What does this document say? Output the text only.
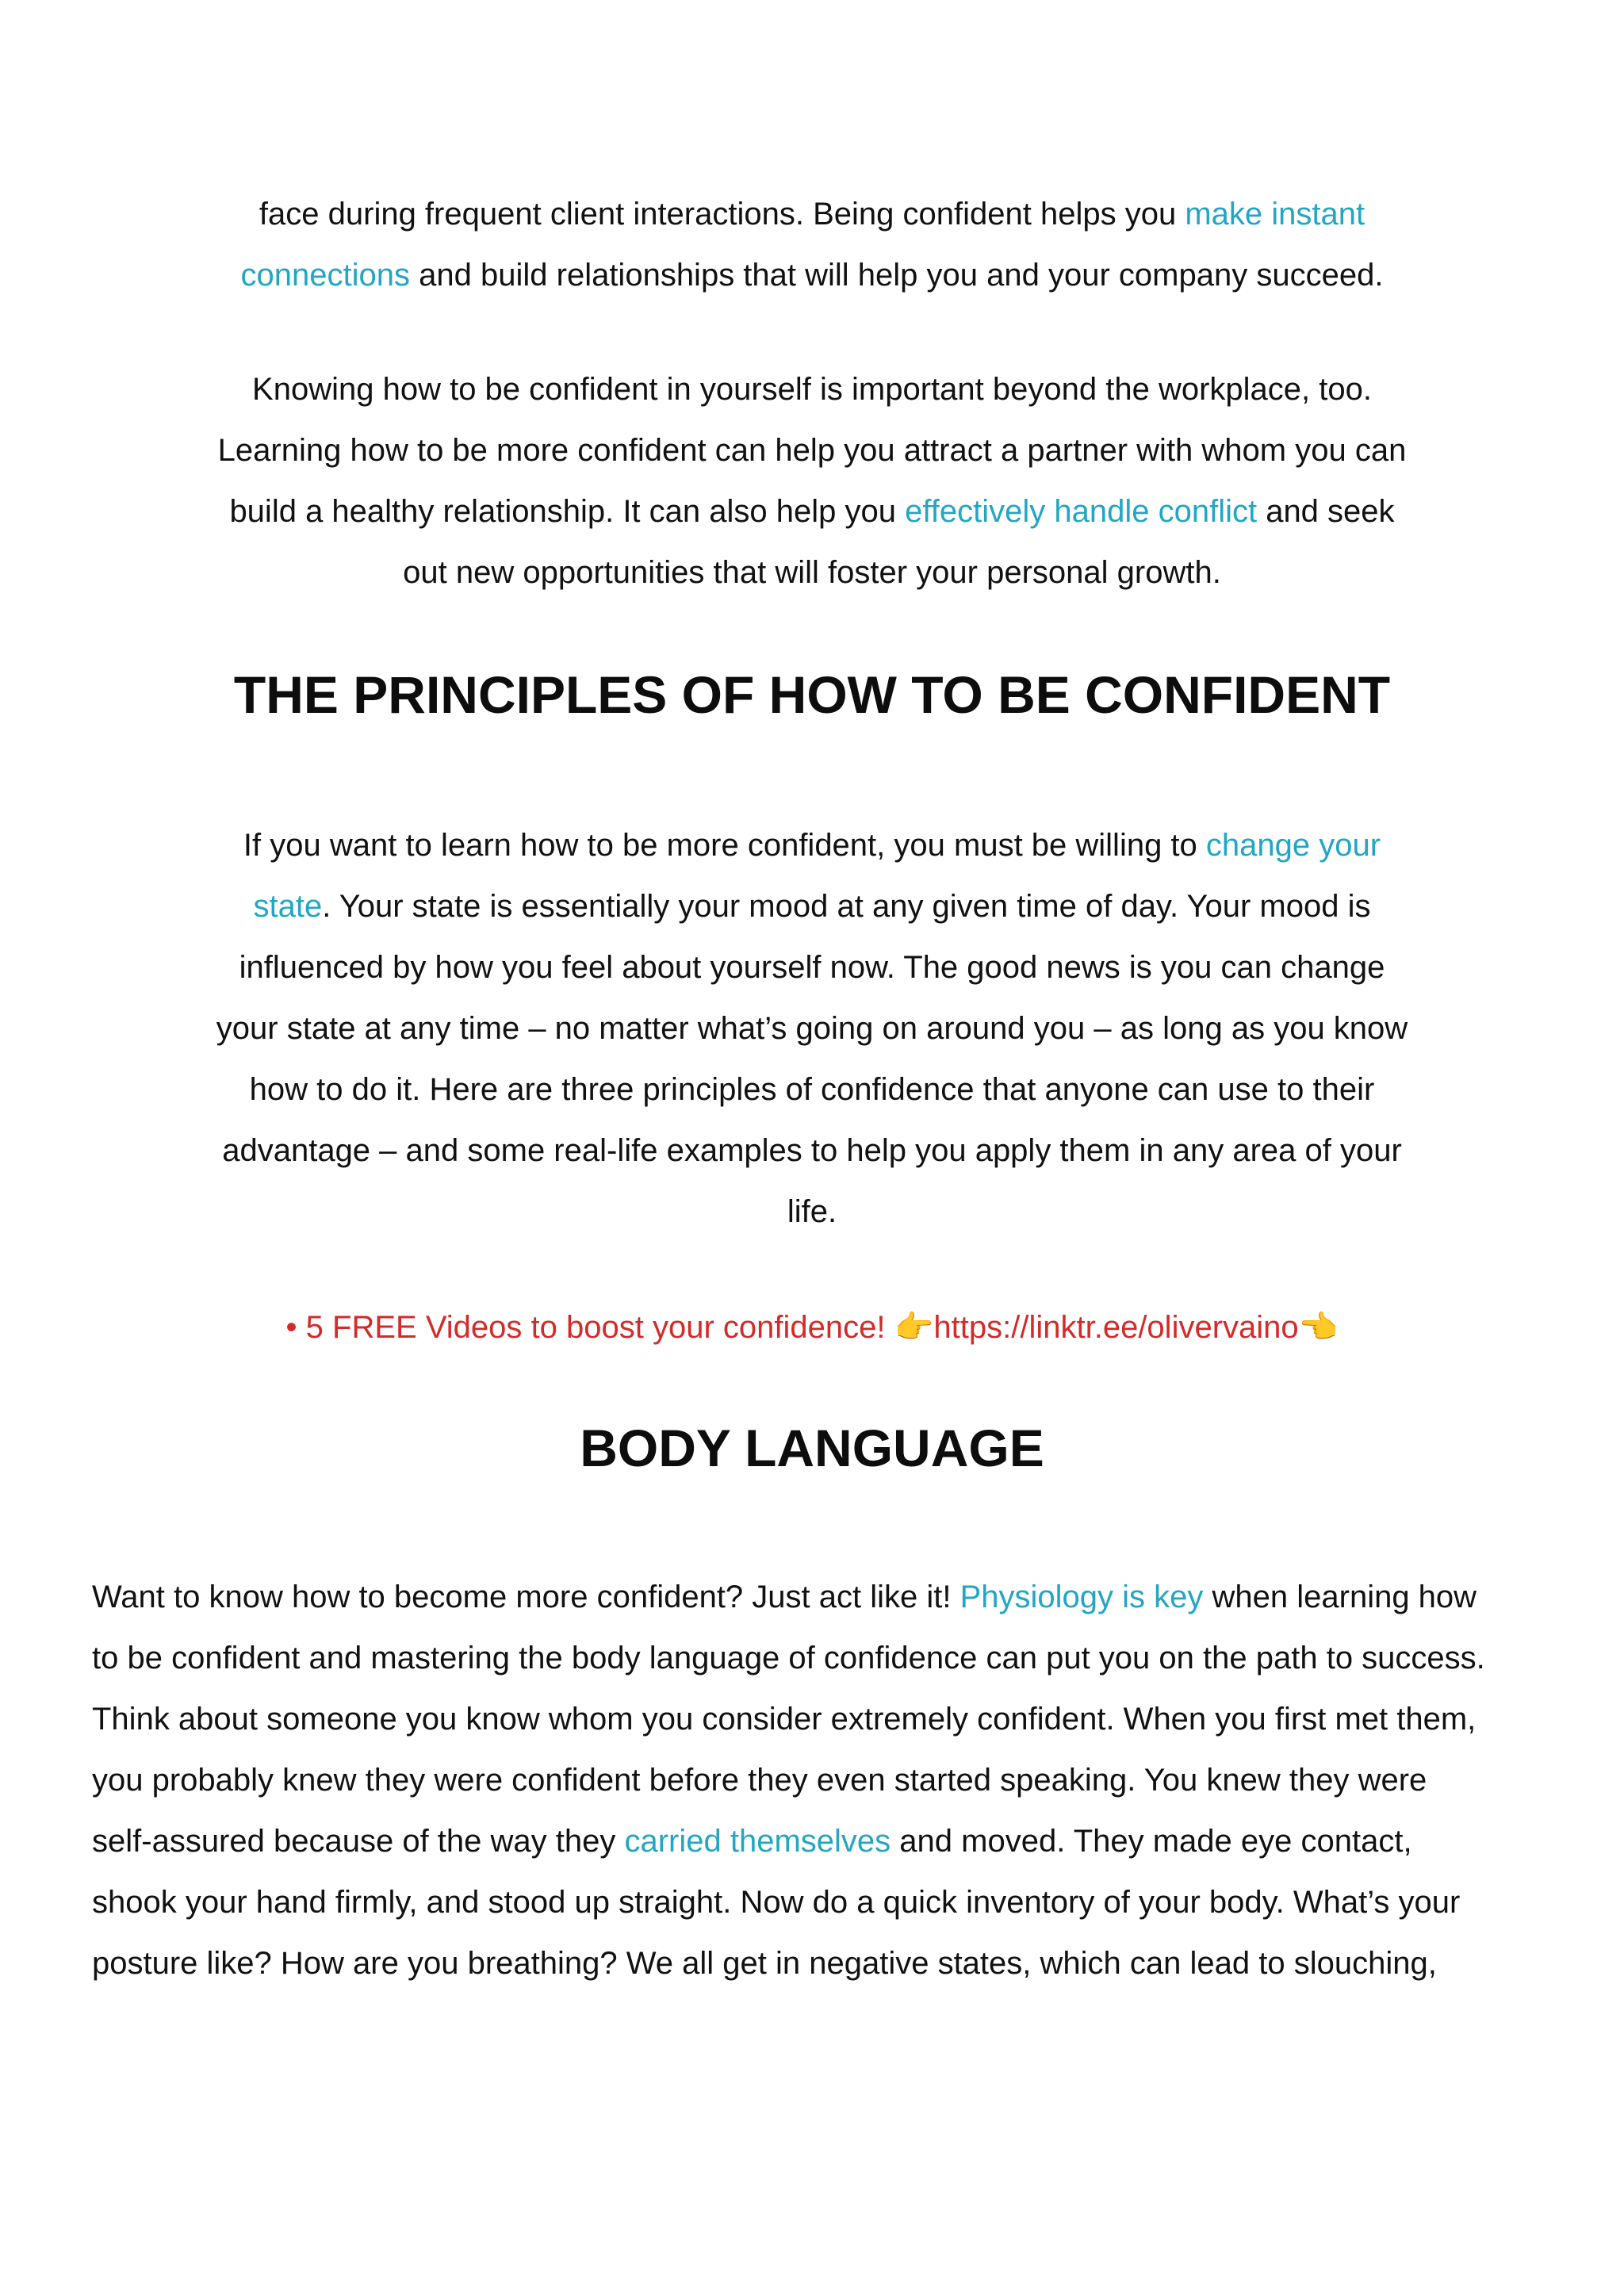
face during frequent client interactions. Being confident helps you make instant
connections and build relationships that will help you and your company succeed.

Knowing how to be confident in yourself is important beyond the workplace, too.
Learning how to be more confident can help you attract a partner with whom you can
build a healthy relationship. It can also help you effectively handle conflict and seek
out new opportunities that will foster your personal growth.

THE PRINCIPLES OF HOW TO BE CONFIDENT

If you want to learn how to be more confident, you must be willing to change your
state. Your state is essentially your mood at any given time of day. Your mood is
influenced by how you feel about yourself now. The good news is you can change
your state at any time – no matter what’s going on around you – as long as you know
how to do it. Here are three principles of confidence that anyone can use to their
advantage – and some real-life examples to help you apply them in any area of your
life.

• 5 FREE Videos to boost your confidence! 👉https://linktr.ee/olivervaino👈

BODY LANGUAGE

Want to know how to become more confident? Just act like it! Physiology is key when learning how
to be confident and mastering the body language of confidence can put you on the path to success.
Think about someone you know whom you consider extremely confident. When you first met them,
you probably knew they were confident before they even started speaking. You knew they were
self-assured because of the way they carried themselves and moved. They made eye contact,
shook your hand firmly, and stood up straight. Now do a quick inventory of your body. What’s your
posture like? How are you breathing? We all get in negative states, which can lead to slouching,
